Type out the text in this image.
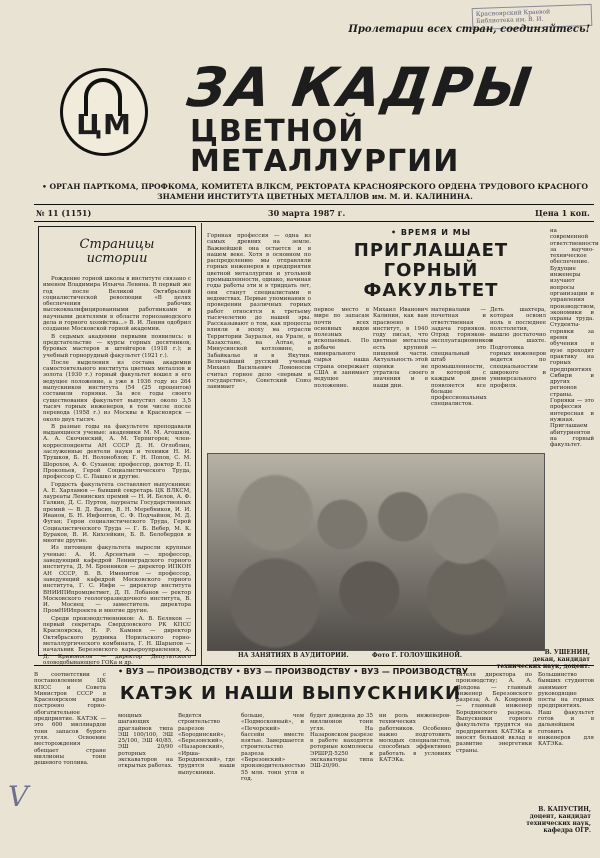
Красноярский Краевой Библиотека им. В. И.
Пролетарии всех стран, соединяйтесь!
ЦМ
ЗА КАДРЫ
ЦВЕТНОЙ МЕТАЛЛУРГИИ
• ОРГАН ПАРТКОМА, ПРОФКОМА, КОМИТЕТА ВЛКСМ, РЕКТОРАТА КРАСНОЯРСКОГО ОРДЕНА ТРУДОВОГО КРАСНОГО
ЗНАМЕНИ ИНСТИТУТА ЦВЕТНЫХ МЕТАЛЛОВ им. М. И. КАЛИНИНА.
№ 11 (1151)	30 марта 1987 г.	Цена 1 коп.
Страницы
истории

Рождение горной школы в институте связано с именем Владимира Ильича Ленина. В первый же год после Великой Октябрьской социалистической революции «В целях обеспечения рабочих высококвалифицированными работниками и научными деятелями в области горнозаводского дела и горного хозяйства...» В. И. Ленин одобрил создание Московской горной академии.

В седьмых академии первыми появились: в предстательстве — курсы горных десятников, буровых мастеров и штейгеров (1918 г.); и учебный горнорудный факультет (1921 г.).

После выделения из состава академии самостоятельного института цветных металлов и золота (1930 г.) горный факультет вошел в его ведущее положение, а уже в 1936 году из 264 выпускников института (54 (25 процентов) составили горняки. За все годы своего существования факультет выпустил около 3,5 тысяч горных инженеров, в том числе после перевода (1958 г.) из Москвы в Красноярск — около двух тысяч.

В разные годы на факультете преподавали выдающиеся ученые: академики М. М. Агошков, А. А. Скочинский, А. М. Терпигорев; член-корреспонденты АН СССР Д. Н. Оглоблин, заслуженные деятели науки и техники Н. И. Трушков, Б. Н. Волоноблов; Г. Н. Попов, С. М. Шорохов, А. Ф. Суханов; профессор, доктор Е. П. Прокопьев, Герой Социалистического Труда, профессор С. С. Пашко и другие.

Гордость факультета составляют выпускники: А. Е. Харламов — бывший секретарь ЦК ВЛКСМ, лауреаты Ленинских премий — Н. И. Белов, А. Ф. Галкин, Д. С. Пуртов, лауреаты Государственных премий — В. Д. Васин, В. Н. Меребников, И. И. Иванов, Б. Н. Инфонтов, С. Ф. Подчайнов, М. Д. Фуган; Герои социалистического Труда, Герой Социалистического Труда — Г. Б. Вебер, М. К. Бураков, В. И. Кихсейкин, Б. В. Белобердов и многие другие.

Из питомцев факультета выросли крупные ученые: А. И. Арсентьев — профессор, заведующий кафедрой Ленинградского горного института, Д. М. Бронников — директор ИПКОН АН СССР, В. В. Именитов — профессор, заведующий кафедрой Московского горного института, Г. С. Ивфи — директор института ВНИИПИпромцветмет, Д. П. Лобанов — ректор Московского геологоразведочного института, В. И. Моснец — заместитель директора ПромНИИпроекта и многие другие.

Среди производственников: А. В. Беляков — первый секретарь Свердловского РК КПСС Красноярска, Н. Р. Камнев — директор Октябрьского рудника Норильского горно-металлургического комбината, Г. Н. Шарыпов — начальник Березовского карьероуправления, А. Д. Кривоносов — директор Депутатского оловодобывающего ГОКа и др.

Горнная профессия — одна из самых древних на земле. Важнейшей она остается и в нашем веке. Хотя в основном по распределению мы отправляли горных инженеров в предприятия цветной металлургии и угольной промышленности, однако, начиная годы работы эти и в тридцать лет, они станут специалистами в ведомствах. Первые упоминания о проведении различных горных работ относятся к третьему тысячелетию до нашей эры. Рассказывают о том, как процессы влияли в эпоху на отрасли Территории Зауралья, на Урале, в Казахстане, на Алтае, в Минусинской котловине, в Забайкалье и в Якутии. Величайший русский ученый Михаил Васильевич Ломоносов считал горное дело «первым в государстве», Советский Союз занимает
• ВРЕМЯ И МЫ
ПРИГЛАШАЕТ ГОРНЫЙ
ФАКУЛЬТЕТ
первое место в мире по запасам почти всех основных видов полезных ископаемых. По добыче минерального сырья наша страна опережает США и занимает ведущее положение.
Михаил Иванович Калинин, как вам прасвоено институт, в 1940 году писал, что цветные металлы есть крупной пищевой части. Актуальность этой оценки не утратила своего значения и в наши дни.
материалами — почетная и ответственная задача горняков. Отряд горняков-эксплуатационников — это специальный штаб промышленности, в которой с каждым днем появляется все больше профессиональных специалистов.
Деть шахтера, которая освоил ноль в последнее полстолетия, вышло достаточно в шахте. Подготовка горных инженеров ведется по специальностям широкого и универсального профиля.
на современной ответственности за научно-техническое обеспечение. Будущие инженеры изучают вопросы организации и управления производством, экономики и охраны труда. Студенты-горняки за время обучения в вузе проходят практику на горных предприятиях Сибири и других регионов страны. Горняки — это профессия интересная и нужная. Приглашаем абитуриентов на горный факультет.
НА ЗАНЯТИЯХ В АУДИТОРИИ.	Фото Г. ГОЛОУШКИНОЙ.	В. УШЕНИН,
декан, кандидат технических наук, доцент.
В соответствии с постановлением ЦК КПСС и Совета Министров СССР в Красноярском крае построено горно-обогатительное предприятие. КАТЭК — это 600 миллиардов тонн запасов бурого угля. Освоение месторождения обещает стране миллионы тонн дешевого топлива.
• ВУЗ — ПРОИЗВОДСТВУ • ВУЗ — ПРОИЗВОДСТВУ • ВУЗ — ПРОИЗВОДСТВУ
КАТЭК И НАШИ ВЫПУСКНИКИ
мощных шагающих драглайнов типа ЭШ 100/100, ЭШ 25/100, ЭШ 40/85, ЭШ 20/90 роторных экскаваторов на открытых работах.
Ведется строительство разрезов «Бородинский», «Березовский», «Назаровский», «Ирша-Бородинский», где трудятся наши выпускники.
больше, чем «Подмосковный», и «Печорский» бассейн вместе взятые. Завершается строительство разреза «Березовский» производительностью 55 млн. тонн угля в год.
будет доведена до 35 миллионов тонн угля. На Назаровском разрезе в работе находятся роторные комплексы ЭРШРД-5250 и экскаваторы типа ЭШ-20/90.
ни роль инженеров-технических работников. Особенно важно подготовить молодых специалистов, способных эффективно работать в условиях КАТЭКа.
тителя директора по производству; А. А. Дохдова — главный инженер Березовского разреза; А. А. Ковровой — главный инженер Бородинского разреза. Выпускники горного факультета трудятся на предприятиях КАТЭКа и вносят большой вклад в развитие энергетики страны.
Большинство бывших студентов занимают руководящие посты на горных предприятиях. Наш факультет готов и в дальнейшем готовить инженеров для КАТЭКа.
В. КАПУСТИН,
доцент, кандидат технических наук, кафедра ОГР.
V
